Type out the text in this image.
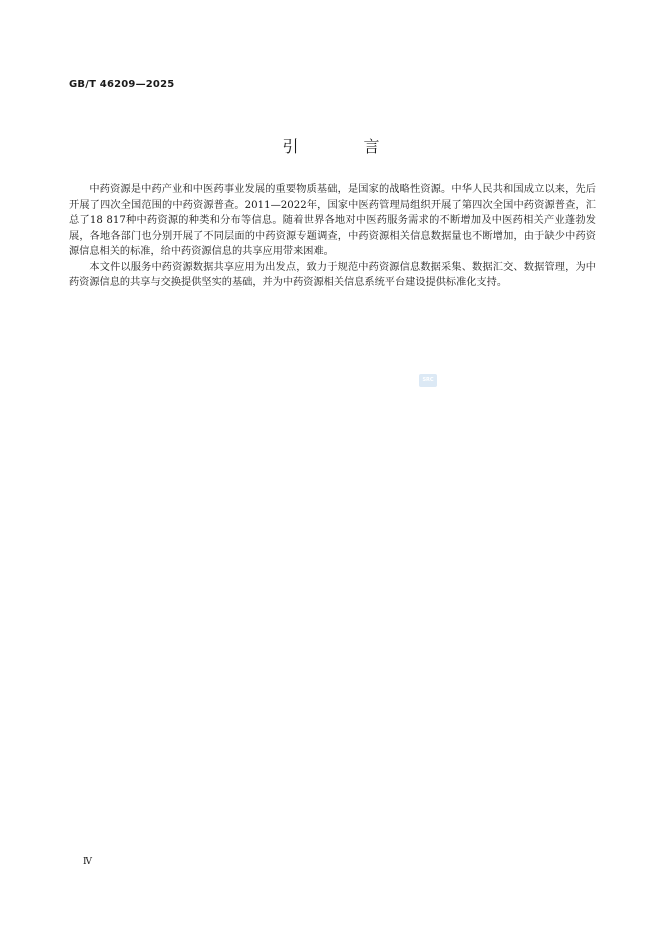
GB/T 46209—2025
引 言

中药资源是中药产业和中医药事业发展的重要物质基础，是国家的战略性资源。中华人民共和国成立以来，先后开展了四次全国范围的中药资源普查。2011—2022年，国家中医药管理局组织开展了第四次全国中药资源普查，汇总了18 817种中药资源的种类和分布等信息。随着世界各地对中医药服务需求的不断增加及中医药相关产业蓬勃发展，各地各部门也分别开展了不同层面的中药资源专题调查，中药资源相关信息数据量也不断增加，由于缺少中药资源信息相关的标准，给中药资源信息的共享应用带来困难。

本文件以服务中药资源数据共享应用为出发点，致力于规范中药资源信息数据采集、数据汇交、数据管理，为中药资源信息的共享与交换提供坚实的基础，并为中药资源相关信息系统平台建设提供标准化支持。

SRC
Ⅳ
